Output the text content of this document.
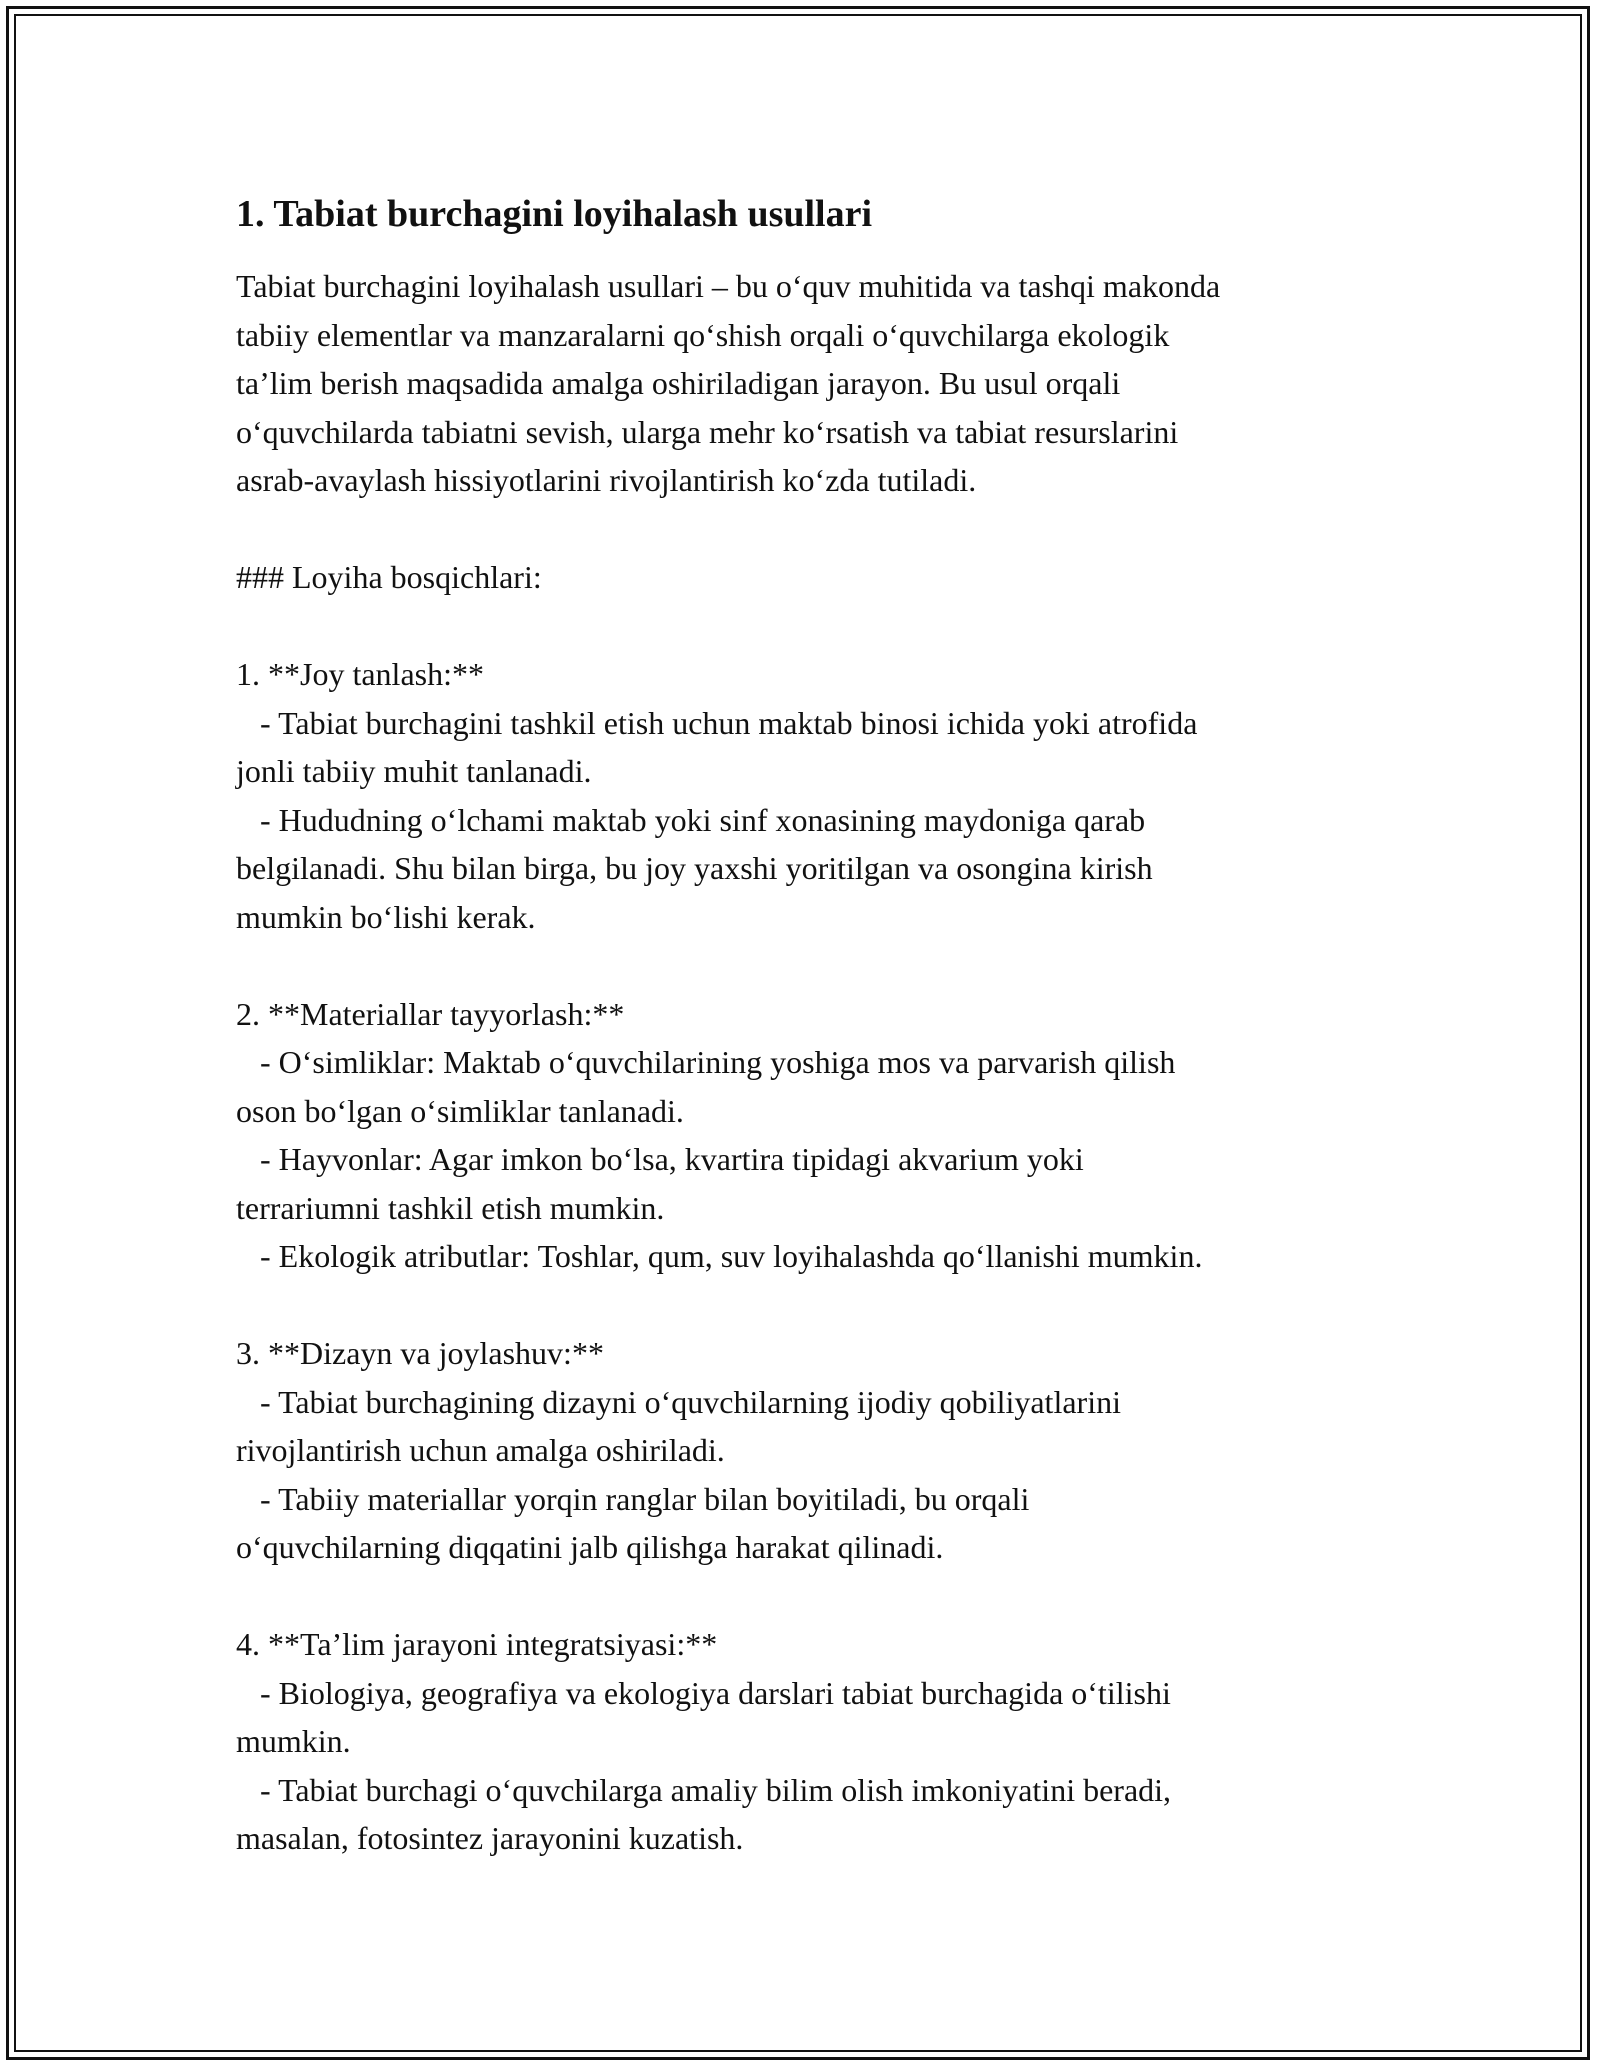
1. Tabiat burchagini loyihalash usullari

Tabiat burchagini loyihalash usullari – bu oʻquv muhitida va tashqi makonda

tabiiy elementlar va manzaralarni qoʻshish orqali oʻquvchilarga ekologik

ta’lim berish maqsadida amalga oshiriladigan jarayon. Bu usul orqali

oʻquvchilarda tabiatni sevish, ularga mehr koʻrsatish va tabiat resurslarini

asrab-avaylash hissiyotlarini rivojlantirish koʻzda tutiladi.

### Loyiha bosqichlari:

1. **Joy tanlash:**

- Tabiat burchagini tashkil etish uchun maktab binosi ichida yoki atrofida

jonli tabiiy muhit tanlanadi.

- Hududning oʻlchami maktab yoki sinf xonasining maydoniga qarab

belgilanadi. Shu bilan birga, bu joy yaxshi yoritilgan va osongina kirish

mumkin boʻlishi kerak.

2. **Materiallar tayyorlash:**

- Oʻsimliklar: Maktab oʻquvchilarining yoshiga mos va parvarish qilish

oson boʻlgan oʻsimliklar tanlanadi.

- Hayvonlar: Agar imkon boʻlsa, kvartira tipidagi akvarium yoki

terrariumni tashkil etish mumkin.

- Ekologik atributlar: Toshlar, qum, suv loyihalashda qoʻllanishi mumkin.

3. **Dizayn va joylashuv:**

- Tabiat burchagining dizayni oʻquvchilarning ijodiy qobiliyatlarini

rivojlantirish uchun amalga oshiriladi.

- Tabiiy materiallar yorqin ranglar bilan boyitiladi, bu orqali

oʻquvchilarning diqqatini jalb qilishga harakat qilinadi.

4. **Ta’lim jarayoni integratsiyasi:**

- Biologiya, geografiya va ekologiya darslari tabiat burchagida oʻtilishi

mumkin.

- Tabiat burchagi oʻquvchilarga amaliy bilim olish imkoniyatini beradi,

masalan, fotosintez jarayonini kuzatish.
